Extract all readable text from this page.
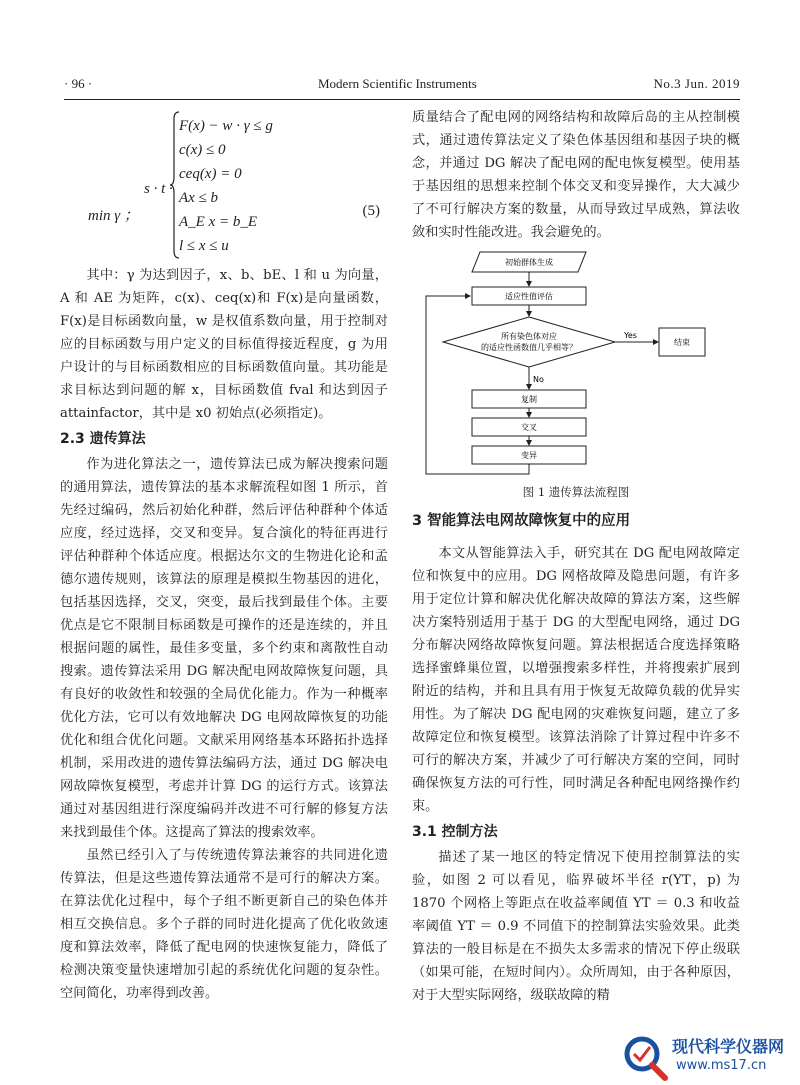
· 96 ·	Modern Scientific Instruments	No.3 Jun. 2019
min γ ；
s · t ·
F(x) − w · γ ≤ g
c(x) ≤ 0
ceq(x) = 0
Ax ≤ b
A_E x = b_E
l ≤ x ≤ u
(5)

其中：γ 为达到因子，x、b、bE、l 和 u 为向量，A 和 AE 为矩阵，c(x)、ceq(x)和 F(x)是向量函数，F(x)是目标函数向量，w 是权值系数向量，用于控制对应的目标函数与用户定义的目标值得接近程度，g 为用户设计的与目标函数相应的目标函数值向量。其功能是求目标达到问题的解 x，目标函数值 fval 和达到因子 attainfactor，其中是 x0 初始点(必须指定)。

2.3 遗传算法

作为进化算法之一，遗传算法已成为解决搜索问题的通用算法，遗传算法的基本求解流程如图 1 所示，首先经过编码，然后初始化种群，然后评估种群种个体适应度，经过选择，交叉和变异。复合演化的特征再进行评估种群种个体适应度。根据达尔文的生物进化论和孟德尔遗传规则，该算法的原理是模拟生物基因的进化，包括基因选择，交叉，突变，最后找到最佳个体。主要优点是它不限制目标函数是可操作的还是连续的，并且根据问题的属性，最佳多变量，多个约束和离散性自动搜索。遗传算法采用 DG 解决配电网故障恢复问题，具有良好的收敛性和较强的全局优化能力。作为一种概率优化方法，它可以有效地解决 DG 电网故障恢复的功能优化和组合优化问题。文献采用网络基本环路拓扑选择机制，采用改进的遗传算法编码方法，通过 DG 解决电网故障恢复模型，考虑并计算 DG 的运行方式。该算法通过对基因组进行深度编码并改进不可行解的修复方法来找到最佳个体。这提高了算法的搜索效率。

虽然已经引入了与传统遗传算法兼容的共同进化遗传算法，但是这些遗传算法通常不是可行的解决方案。在算法优化过程中，每个子组不断更新自己的染色体并相互交换信息。多个子群的同时进化提高了优化收敛速度和算法效率，降低了配电网的快速恢复能力，降低了检测决策变量快速增加引起的系统优化问题的复杂性。空间简化，功率得到改善。

质量结合了配电网的网络结构和故障后岛的主从控制模式，通过遗传算法定义了染色体基因组和基因子块的概念，并通过 DG 解决了配电网的配电恢复模型。使用基于基因组的思想来控制个体交叉和变异操作，大大减少了不可行解决方案的数量，从而导致过早成熟，算法收敛和实时性能改进。我会避免的。

初始群体生成
适应性值评估
所有染色体对应
的适应性函数值几乎相等？
Yes
结束
No
复制
交叉
变异
图 1 遗传算法流程图
3 智能算法电网故障恢复中的应用

本文从智能算法入手，研究其在 DG 配电网故障定位和恢复中的应用。DG 网格故障及隐患问题，有许多用于定位计算和解决优化解决故障的算法方案，这些解决方案特别适用于基于 DG 的大型配电网络，通过 DG 分布解决网络故障恢复问题。算法根据适合度选择策略选择蜜蜂巢位置，以增强搜索多样性，并将搜索扩展到附近的结构，并和且具有用于恢复无故障负载的优异实用性。为了解决 DG 配电网的灾难恢复问题，建立了多故障定位和恢复模型。该算法消除了计算过程中许多不可行的解决方案，并减少了可行解决方案的空间，同时确保恢复方法的可行性，同时满足各种配电网络操作约束。

3.1 控制方法

描述了某一地区的特定情况下使用控制算法的实验，如图 2 可以看见，临界破坏半径 r(YT，p) 为 1870 个网格上等距点在收益率阈值 YT ＝ 0.3 和收益率阈值 YT ＝ 0.9 不同值下的控制算法实验效果。此类算法的一般目标是在不损失太多需求的情况下停止级联（如果可能，在短时间内）。众所周知，由于各种原因，对于大型实际网络，级联故障的精

现代科学仪器网
www.ms17.cn
